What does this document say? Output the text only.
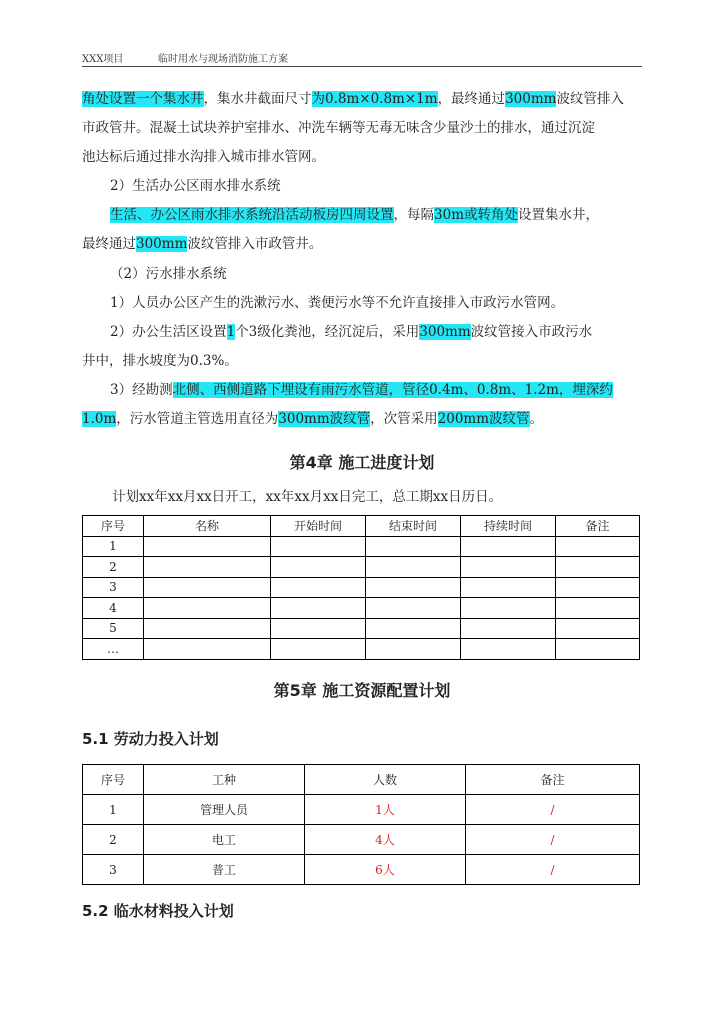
XXX项目	临时用水与现场消防施工方案
角处设置一个集水井，集水井截面尺寸为0.8m×0.8m×1m，最终通过300mm波纹管排入
市政管井。混凝土试块养护室排水、冲洗车辆等无毒无味含少量沙土的排水，通过沉淀
池达标后通过排水沟排入城市排水管网。
2）生活办公区雨水排水系统
生活、办公区雨水排水系统沿活动板房四周设置，每隔30m或转角处设置集水井，
最终通过300mm波纹管排入市政管井。
（2）污水排水系统
1）人员办公区产生的洗漱污水、粪便污水等不允许直接排入市政污水管网。
2）办公生活区设置1个3级化粪池，经沉淀后，采用300mm波纹管接入市政污水
井中，排水坡度为0.3%。
3）经勘测北侧、西侧道路下埋设有雨污水管道，管径0.4m、0.8m、1.2m，埋深约
1.0m，污水管道主管选用直径为300mm波纹管，次管采用200mm波纹管。
第4章 施工进度计划
计划xx年xx月xx日开工，xx年xx月xx日完工，总工期xx日历日。
序号	名称	开始时间	结束时间	持续时间	备注
1					
2					
3					
4					
5					
…					
第5章 施工资源配置计划
5.1 劳动力投入计划
序号	工种	人数	备注
1	管理人员	1人	/
2	电工	4人	/
3	普工	6人	/
5.2 临水材料投入计划
